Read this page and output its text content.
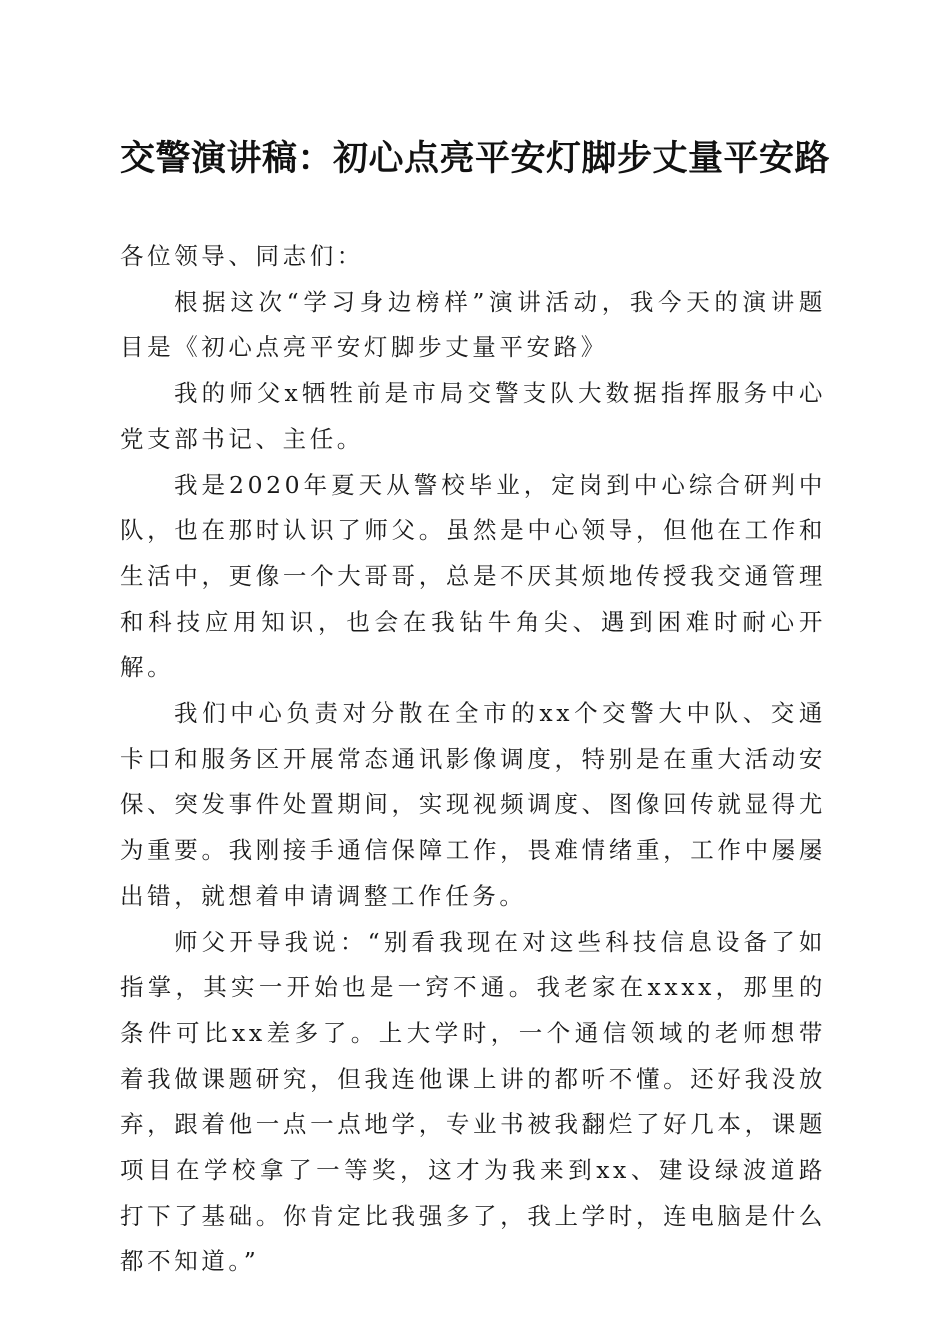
交警演讲稿：初心点亮平安灯脚步丈量平安路

各位领导、同志们：

根据这次“学习身边榜样”演讲活动，我今天的演讲题目是《初心点亮平安灯脚步丈量平安路》

我的师父x牺牲前是市局交警支队大数据指挥服务中心党支部书记、主任。

我是2020年夏天从警校毕业，定岗到中心综合研判中队，也在那时认识了师父。虽然是中心领导，但他在工作和生活中，更像一个大哥哥，总是不厌其烦地传授我交通管理和科技应用知识，也会在我钻牛角尖、遇到困难时耐心开解。

我们中心负责对分散在全市的xx个交警大中队、交通卡口和服务区开展常态通讯影像调度，特别是在重大活动安保、突发事件处置期间，实现视频调度、图像回传就显得尤为重要。我刚接手通信保障工作，畏难情绪重，工作中屡屡出错，就想着申请调整工作任务。

师父开导我说：“别看我现在对这些科技信息设备了如指掌，其实一开始也是一窍不通。我老家在xxxx，那里的条件可比xx差多了。上大学时，一个通信领域的老师想带着我做课题研究，但我连他课上讲的都听不懂。还好我没放弃，跟着他一点一点地学，专业书被我翻烂了好几本，课题项目在学校拿了一等奖，这才为我来到xx、建设绿波道路打下了基础。你肯定比我强多了，我上学时，连电脑是什么都不知道。”
